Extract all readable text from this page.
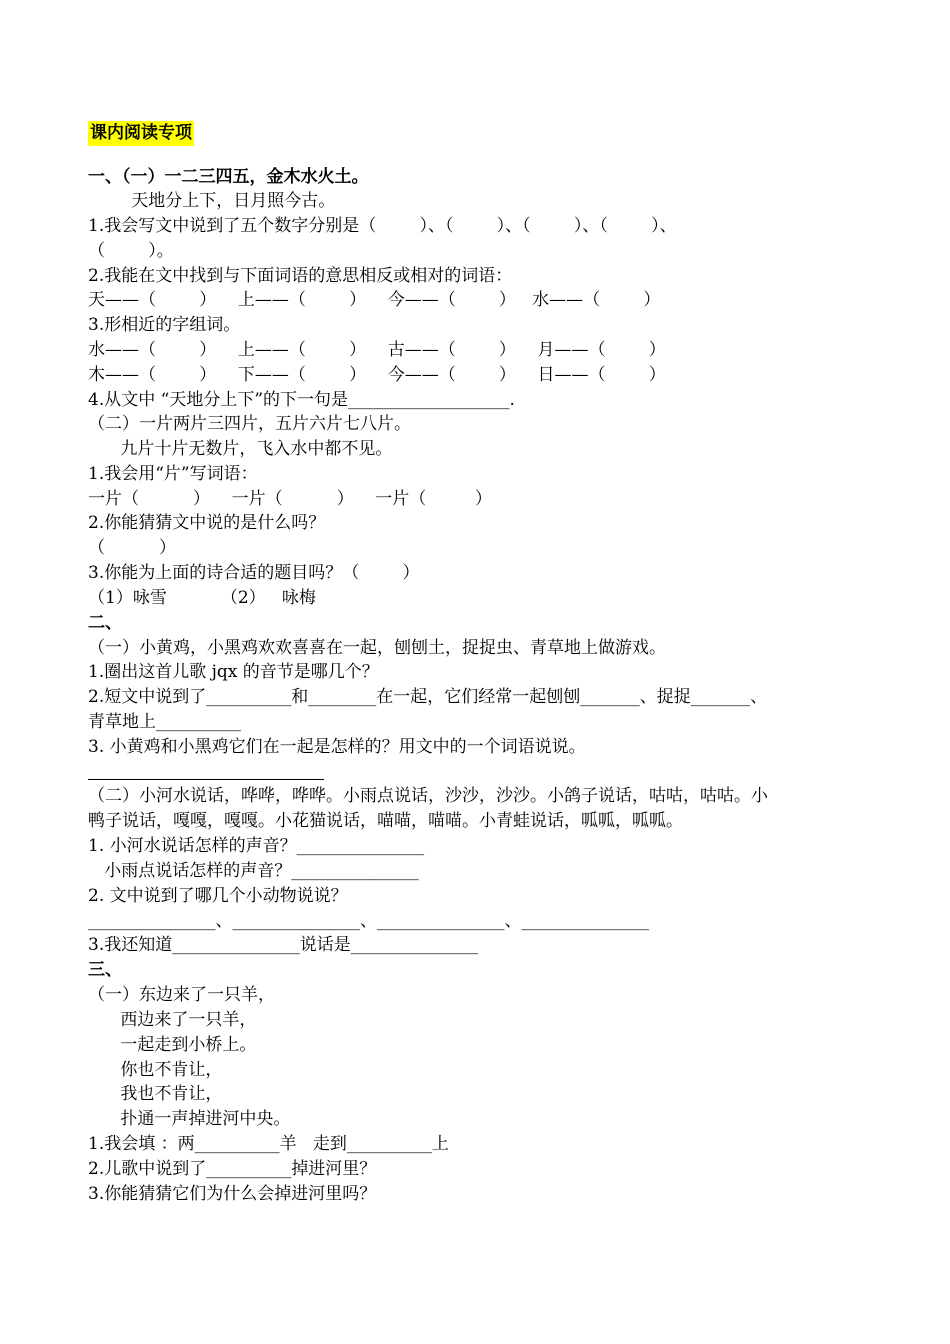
课内阅读专项
一、（一）一二三四五，金木水火土。
天地分上下，日月照今古。
1.我会写文中说到了五个数字分别是（        ）、（        ）、（        ）、（        ）、
（        ）。
2.我能在文中找到与下面词语的意思相反或相对的词语：
天——（        ）    上——（        ）    今——（        ）   水——（        ）
3.形相近的字组词。
水——（        ）    上——（        ）    古——（        ）    月——（        ）
木——（        ）    下——（        ）    今——（        ）    日——（        ）
4.从文中 “天地分上下”的下一句是___________________.
（二）一片两片三四片，五片六片七八片。
九片十片无数片，飞入水中都不见。
1.我会用“片”写词语：
一片（          ）    一片（          ）    一片（         ）
2.你能猜猜文中说的是什么吗？
（          ）
3.你能为上面的诗合适的题目吗？（        ）
（1）咏雪          （2）   咏梅
二、
（一）小黄鸡，小黑鸡欢欢喜喜在一起，刨刨土，捉捉虫、青草地上做游戏。
1.圈出这首儿歌 jqx 的音节是哪几个？
2.短文中说到了__________和________在一起，它们经常一起刨刨_______、捉捉_______、
青草地上__________
3. 小黄鸡和小黑鸡它们在一起是怎样的？用文中的一个词语说说。
（二）小河水说话，哗哗，哗哗。小雨点说话，沙沙，沙沙。小鸽子说话，咕咕，咕咕。小
鸭子说话，嘎嘎，嘎嘎。小花猫说话，喵喵，喵喵。小青蛙说话，呱呱，呱呱。
1. 小河水说话怎样的声音？_______________
小雨点说话怎样的声音？_______________
2. 文中说到了哪几个小动物说说？
_______________、_______________、_______________、_______________
3.我还知道_______________说话是_______________
三、
（一）东边来了一只羊，
西边来了一只羊，
一起走到小桥上。
你也不肯让，
我也不肯让，
扑通一声掉进河中央。
1.我会填 ：两__________羊   走到__________上
2.儿歌中说到了__________掉进河里？
3.你能猜猜它们为什么会掉进河里吗？
